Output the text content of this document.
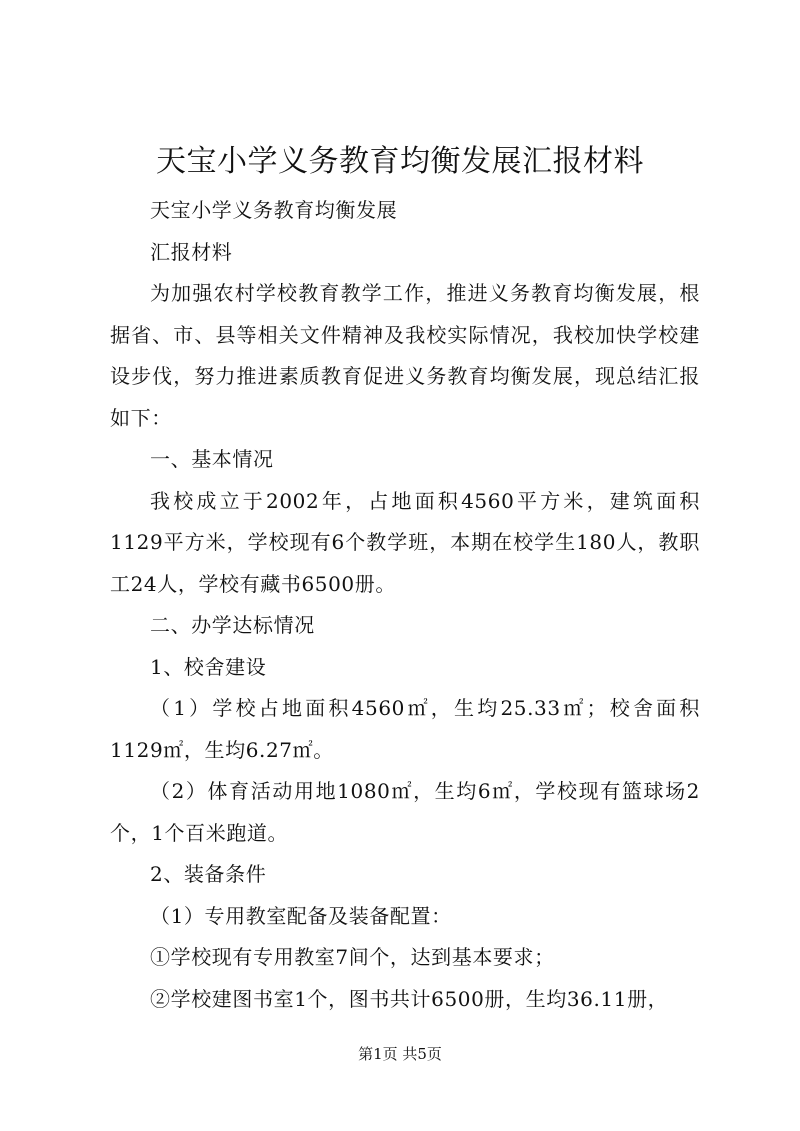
天宝小学义务教育均衡发展汇报材料

天宝小学义务教育均衡发展

汇报材料

为加强农村学校教育教学工作，推进义务教育均衡发展，根据省、市、县等相关文件精神及我校实际情况，我校加快学校建设步伐，努力推进素质教育促进义务教育均衡发展，现总结汇报如下：

一、基本情况

我校成立于2002年，占地面积4560平方米，建筑面积1129平方米，学校现有6个教学班，本期在校学生180人，教职工24人，学校有藏书6500册。

二、办学达标情况

1、校舍建设

（1）学校占地面积4560㎡，生均25.33㎡；校舍面积1129㎡，生均6.27㎡。

（2）体育活动用地1080㎡，生均6㎡，学校现有篮球场2个，1个百米跑道。

2、装备条件

（1）专用教室配备及装备配置：

①学校现有专用教室7间个，达到基本要求；

②学校建图书室1个，图书共计6500册，生均36.11册，

第1页 共5页
